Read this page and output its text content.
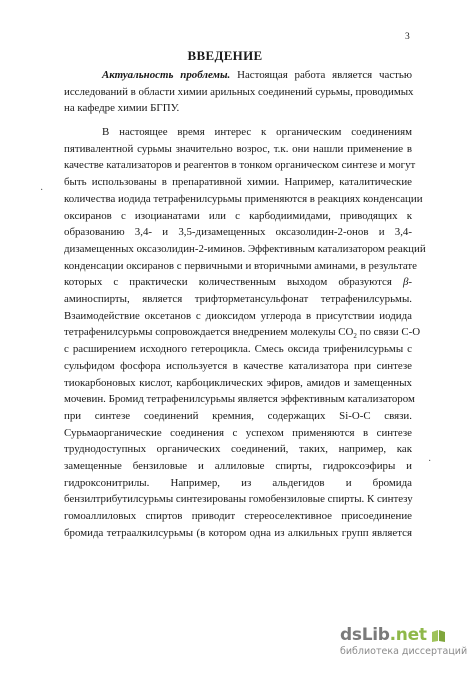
3
ВВЕДЕНИЕ
Актуальность проблемы. Настоящая работа является частью
исследований в области химии арильных соединений сурьмы, проводимых
на кафедре химии БГПУ.
В настоящее время интерес к органическим соединениям
пятивалентной сурьмы значительно возрос, т.к. они нашли применение в
качестве катализаторов и реагентов в тонком органическом синтезе и могут
быть использованы в препаративной химии. Например, каталитические
количества иодида тетрафенилсурьмы применяются в реакциях конденсации
оксиранов с изоцианатами или с карбодиимидами, приводящих к
образованию 3,4- и 3,5-дизамещенных оксазолидин-2-онов и 3,4-
дизамещенных оксазолидин-2-иминов. Эффективным катализатором реакций
конденсации оксиранов с первичными и вторичными аминами, в результате
которых с практически количественным выходом образуются β-
аминоспирты, является трифторметансульфонат тетрафенилсурьмы.
Взаимодействие оксетанов с диоксидом углерода в присутствии иодида
тетрафенилсурьмы сопровождается внедрением молекулы $CO_2$ по связи С-О
с расширением исходного гетероцикла. Смесь оксида трифенилсурьмы с
сульфидом фосфора используется в качестве катализатора при синтезе
тиокарбоновых кислот, карбоциклических эфиров, амидов и замещенных
мочевин. Бромид тетрафенилсурьмы является эффективным катализатором
при синтезе соединений кремния, содержащих Si-O-C связи.
Сурьмаорганические соединения с успехом применяются в синтезе
труднодоступных органических соединений, таких, например, как
замещенные бензиловые и аллиловые спирты, гидроксоэфиры и
гидроксонитрилы. Например, из альдегидов и бромида
бензилтрибутилсурьмы синтезированы гомобензиловые спирты. К синтезу
гомоаллиловых спиртов приводит стереоселективное присоединение
бромида тетраалкилсурьмы (в котором одна из алкильных групп является
·
·
dsLib.net
библиотека диссертаций
